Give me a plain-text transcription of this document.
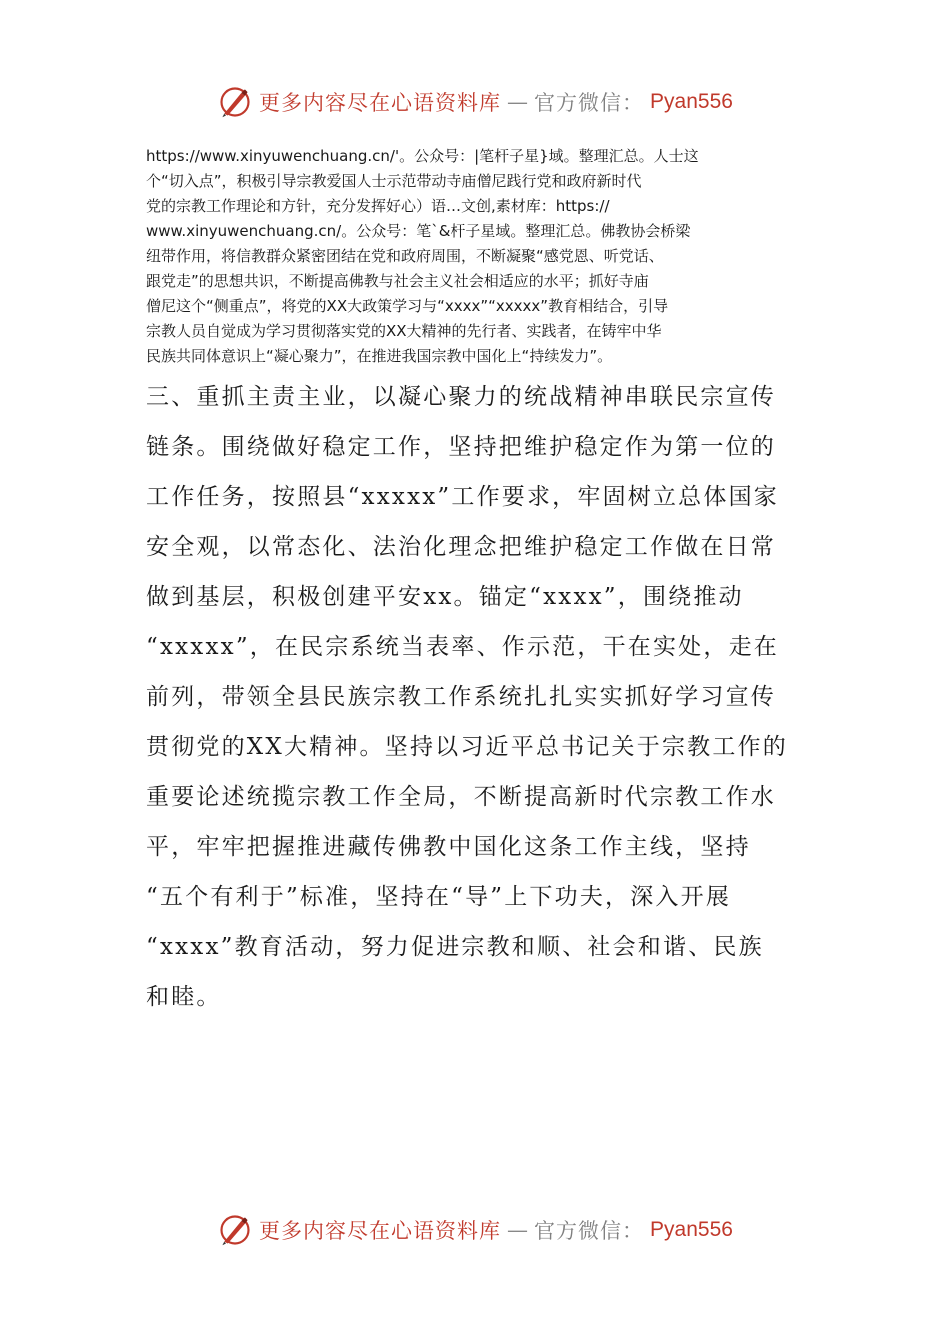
更多内容尽在心语资料库 — 官方微信： Pyan556
https://www.xinyuwenchuang.cn/'。公众号：|笔杆子星}域。整理汇总。人士这
个“切入点”，积极引导宗教爱国人士示范带动寺庙僧尼践行党和政府新时代
党的宗教工作理论和方针，充分发挥好心）语…文创,素材库：https://
www.xinyuwenchuang.cn/。公众号：笔`&杆子星域。整理汇总。佛教协会桥梁
纽带作用，将信教群众紧密团结在党和政府周围，不断凝聚“感党恩、听党话、
跟党走”的思想共识，不断提高佛教与社会主义社会相适应的水平；抓好寺庙
僧尼这个“侧重点”，将党的XX大政策学习与“xxxx”“xxxxx”教育相结合，引导
宗教人员自觉成为学习贯彻落实党的XX大精神的先行者、实践者，在铸牢中华
民族共同体意识上“凝心聚力”，在推进我国宗教中国化上“持续发力”。
三、重抓主责主业，以凝心聚力的统战精神串联民宗宣传
链条。围绕做好稳定工作，坚持把维护稳定作为第一位的
工作任务，按照县“xxxxx”工作要求，牢固树立总体国家
安全观，以常态化、法治化理念把维护稳定工作做在日常
做到基层，积极创建平安xx。锚定“xxxx”，围绕推动
“xxxxx”，在民宗系统当表率、作示范，干在实处，走在
前列，带领全县民族宗教工作系统扎扎实实抓好学习宣传
贯彻党的XX大精神。坚持以习近平总书记关于宗教工作的
重要论述统揽宗教工作全局，不断提高新时代宗教工作水
平，牢牢把握推进藏传佛教中国化这条工作主线，坚持
“五个有利于”标准，坚持在“导”上下功夫，深入开展
“xxxx”教育活动，努力促进宗教和顺、社会和谐、民族
和睦。
更多内容尽在心语资料库 — 官方微信： Pyan556
